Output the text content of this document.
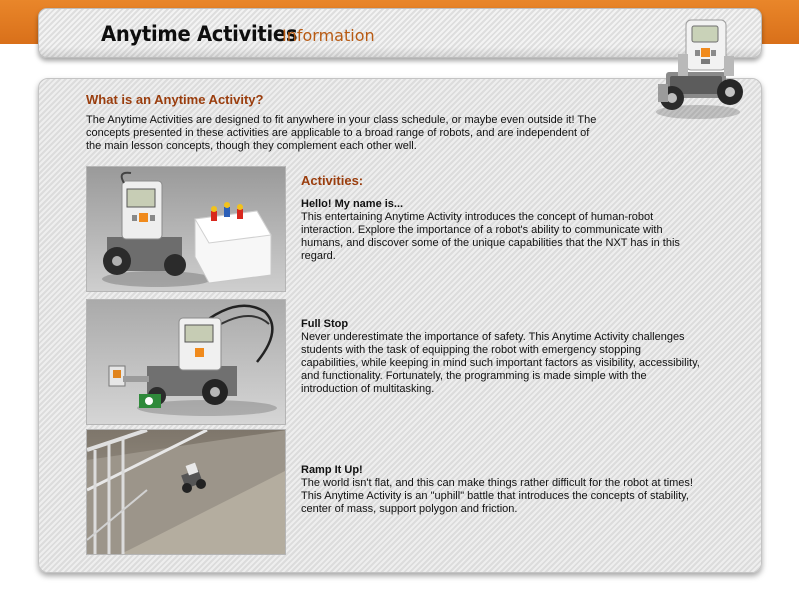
Anytime Activities
Information
What is an Anytime Activity?
The Anytime Activities are designed to fit anywhere in your class schedule, or maybe even outside it! The concepts presented in these activities are applicable to a broad range of robots, and are independent of the main lesson concepts, though they complement each other well.
Activities:
Hello! My name is...
This entertaining Anytime Activity introduces the concept of human-robot interaction. Explore the importance of a robot's ability to communicate with humans, and discover some of the unique capabilities that the NXT has in this regard.
Full Stop
Never underestimate the importance of safety. This Anytime Activity challenges students with the task of equipping the robot with emergency stopping capabilities, while keeping in mind such important factors as visibility, accessibility, and functionality. Fortunately, the programming is made simple with the introduction of multitasking.
Ramp It Up!
The world isn't flat, and this can make things rather difficult for the robot at times! This Anytime Activity is an "uphill" battle that introduces the concepts of stability, center of mass, support polygon and friction.
